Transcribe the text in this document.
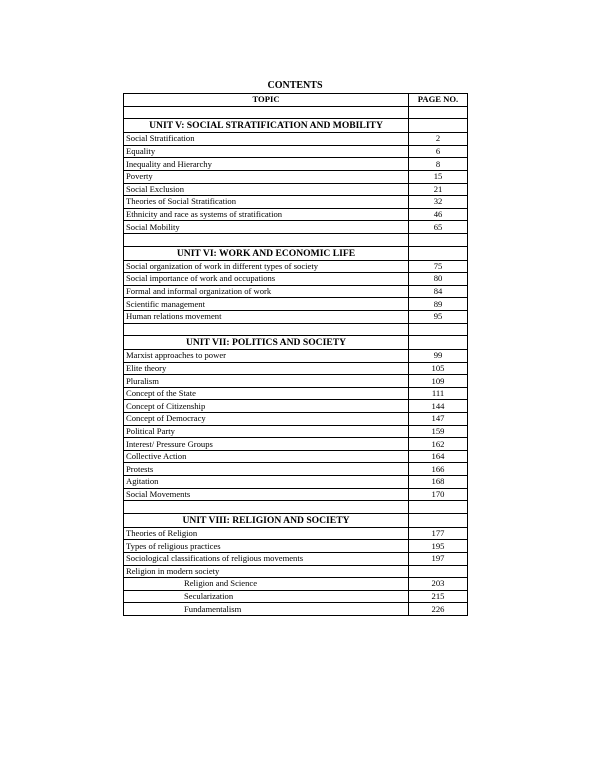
CONTENTS
TOPIC	PAGE NO.

UNIT V: SOCIAL STRATIFICATION AND MOBILITY	
Social Stratification	2
Equality	6
Inequality and Hierarchy	8
Poverty	15
Social Exclusion	21
Theories of Social Stratification	32
Ethnicity and race as systems of stratification	46
Social Mobility	65

UNIT VI: WORK AND ECONOMIC LIFE	
Social organization of work in different types of society	75
Social importance of work and occupations	80
Formal and informal organization of work	84
Scientific management	89
Human relations movement	95

UNIT VII: POLITICS AND SOCIETY	
Marxist approaches to power	99
Elite theory	105
Pluralism	109
Concept of the State	111
Concept of Citizenship	144
Concept of Democracy	147
Political Party	159
Interest/ Pressure Groups	162
Collective Action	164
Protests	166
Agitation	168
Social Movements	170

UNIT VIII: RELIGION AND SOCIETY	
Theories of Religion	177
Types of religious practices	195
Sociological classifications of religious movements	197
Religion in modern society	
Religion and Science	203
Secularization	215
Fundamentalism	226
